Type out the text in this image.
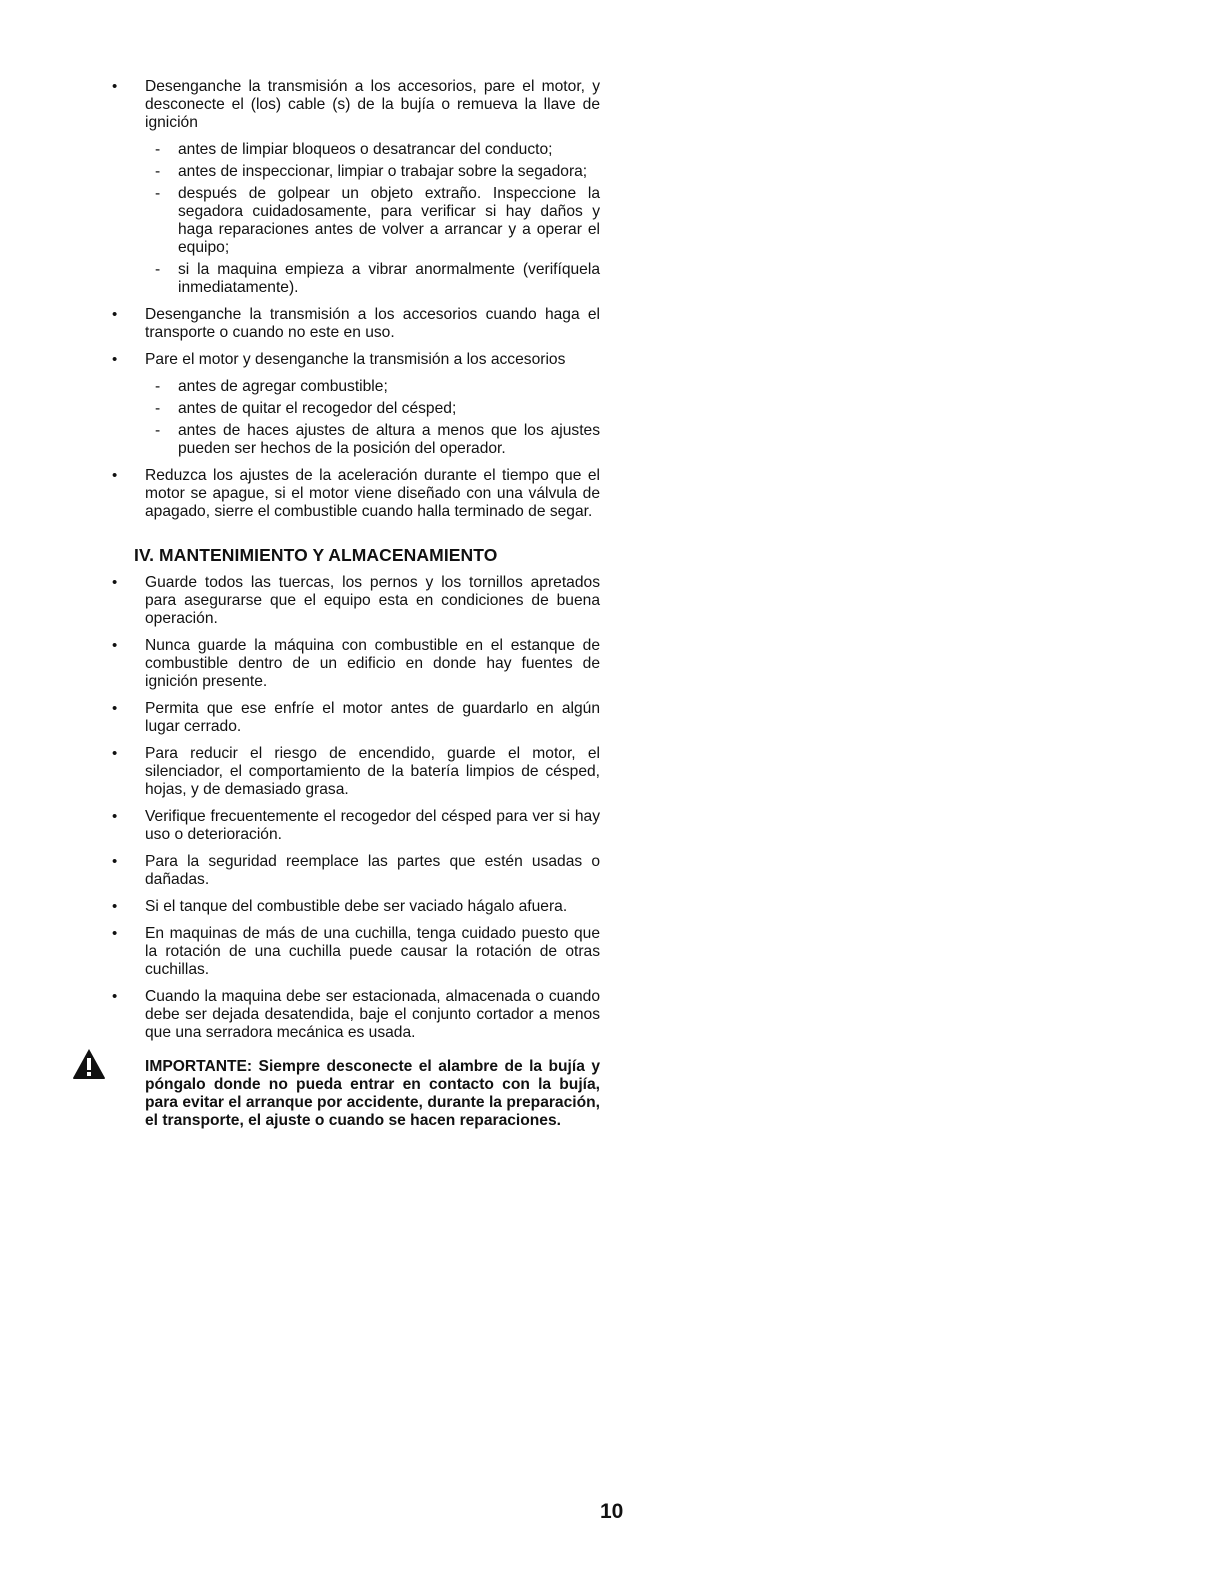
• Desenganche la transmisión a los accesorios, pare el motor, y desconecte el (los) cable (s) de la bujía o remueva la llave de ignición
- antes de limpiar bloqueos o desatrancar del conducto;
- antes de inspeccionar, limpiar o trabajar sobre la segadora;
- después de golpear un objeto extraño. Inspeccione la segadora cuidadosamente, para verificar si hay daños y haga reparaciones antes de volver a arrancar y a operar el equipo;
- si la maquina empieza a vibrar anormalmente (verifíquela inmediatamente).
• Desenganche la transmisión a los accesorios cuando haga el transporte o cuando no este en uso.
• Pare el motor y desenganche la transmisión a los accesorios
- antes de agregar combustible;
- antes de quitar el recogedor del césped;
- antes de haces ajustes de altura a menos que los ajustes pueden ser hechos de la posición del operador.
• Reduzca los ajustes de la aceleración durante el tiempo que el motor se apague, si el motor viene diseñado con una válvula de apagado, sierre el combustible cuando halla terminado de segar.
IV. MANTENIMIENTO Y ALMACENAMIENTO
• Guarde todos las tuercas, los pernos y los tornillos apretados para asegurarse que el equipo esta en condiciones de buena operación.
• Nunca guarde la máquina con combustible en el estanque de combustible dentro de un edificio en donde hay fuentes de ignición presente.
• Permita que ese enfríe el motor antes de guardarlo en algún lugar cerrado.
• Para reducir el riesgo de encendido, guarde el motor, el silenciador, el comportamiento de la batería limpios de césped, hojas, y de demasiado grasa.
• Verifique frecuentemente el recogedor del césped para ver si hay uso o deterioración.
• Para la seguridad reemplace las partes que estén usadas o dañadas.
• Si el tanque del combustible debe ser vaciado hágalo afuera.
• En maquinas de más de una cuchilla, tenga cuidado puesto que la rotación de una cuchilla puede causar la rotación de otras cuchillas.
• Cuando la maquina debe ser estacionada, almacenada o cuando debe ser dejada desatendida, baje el conjunto cortador a menos que una serradora mecánica es usada.
IMPORTANTE: Siempre desconecte el alambre de la bujía y póngalo donde no pueda entrar en contacto con la bujía, para evitar el arranque por accidente, durante la preparación, el transporte, el ajuste o cuando se hacen reparaciones.
10
